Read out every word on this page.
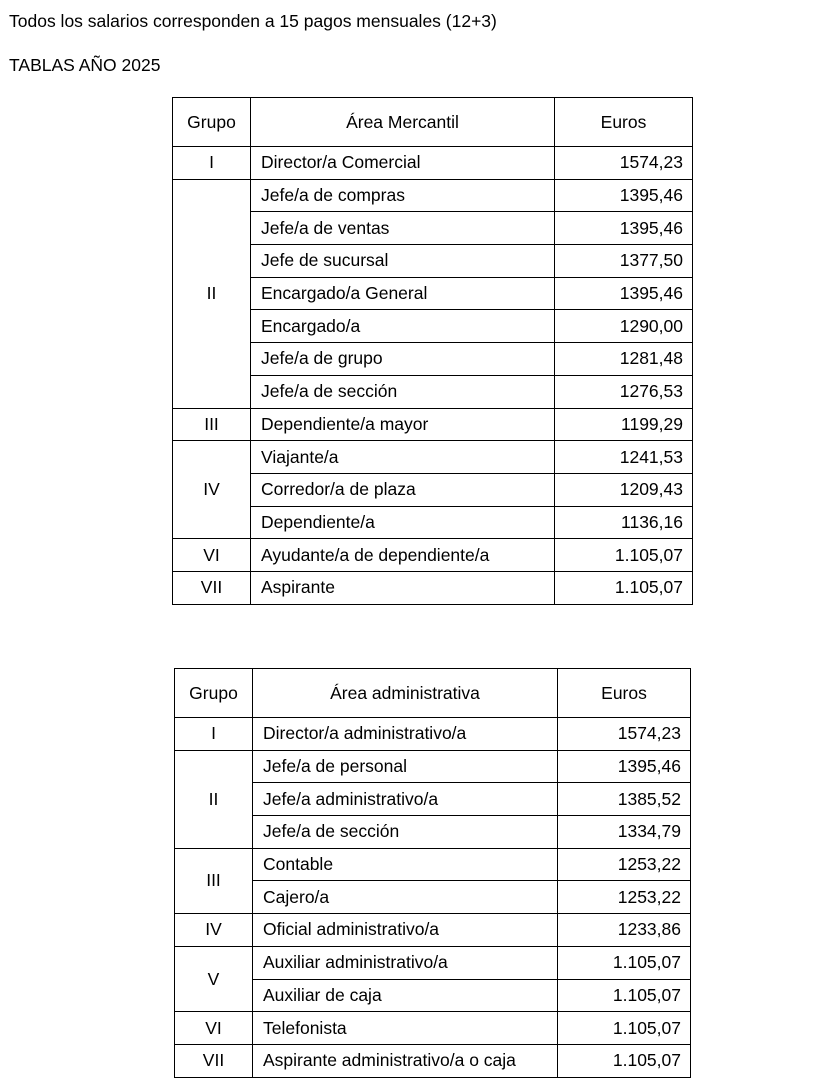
Todos los salarios corresponden a 15 pagos mensuales (12+3)

TABLAS AÑO 2025

Grupo	Área Mercantil	Euros
I	Director/a Comercial	1574,23
II	Jefe/a de compras	1395,46
	Jefe/a de ventas	1395,46
	Jefe de sucursal	1377,50
	Encargado/a General	1395,46
	Encargado/a	1290,00
	Jefe/a de grupo	1281,48
	Jefe/a de sección	1276,53
III	Dependiente/a mayor	1199,29
IV	Viajante/a	1241,53
	Corredor/a de plaza	1209,43
	Dependiente/a	1136,16
VI	Ayudante/a de dependiente/a	1.105,07
VII	Aspirante	1.105,07
Grupo	Área administrativa	Euros
I	Director/a administrativo/a	1574,23
II	Jefe/a de personal	1395,46
	Jefe/a administrativo/a	1385,52
	Jefe/a de sección	1334,79
III	Contable	1253,22
	Cajero/a	1253,22
IV	Oficial administrativo/a	1233,86
V	Auxiliar administrativo/a	1.105,07
	Auxiliar de caja	1.105,07
VI	Telefonista	1.105,07
VII	Aspirante administrativo/a o caja	1.105,07
